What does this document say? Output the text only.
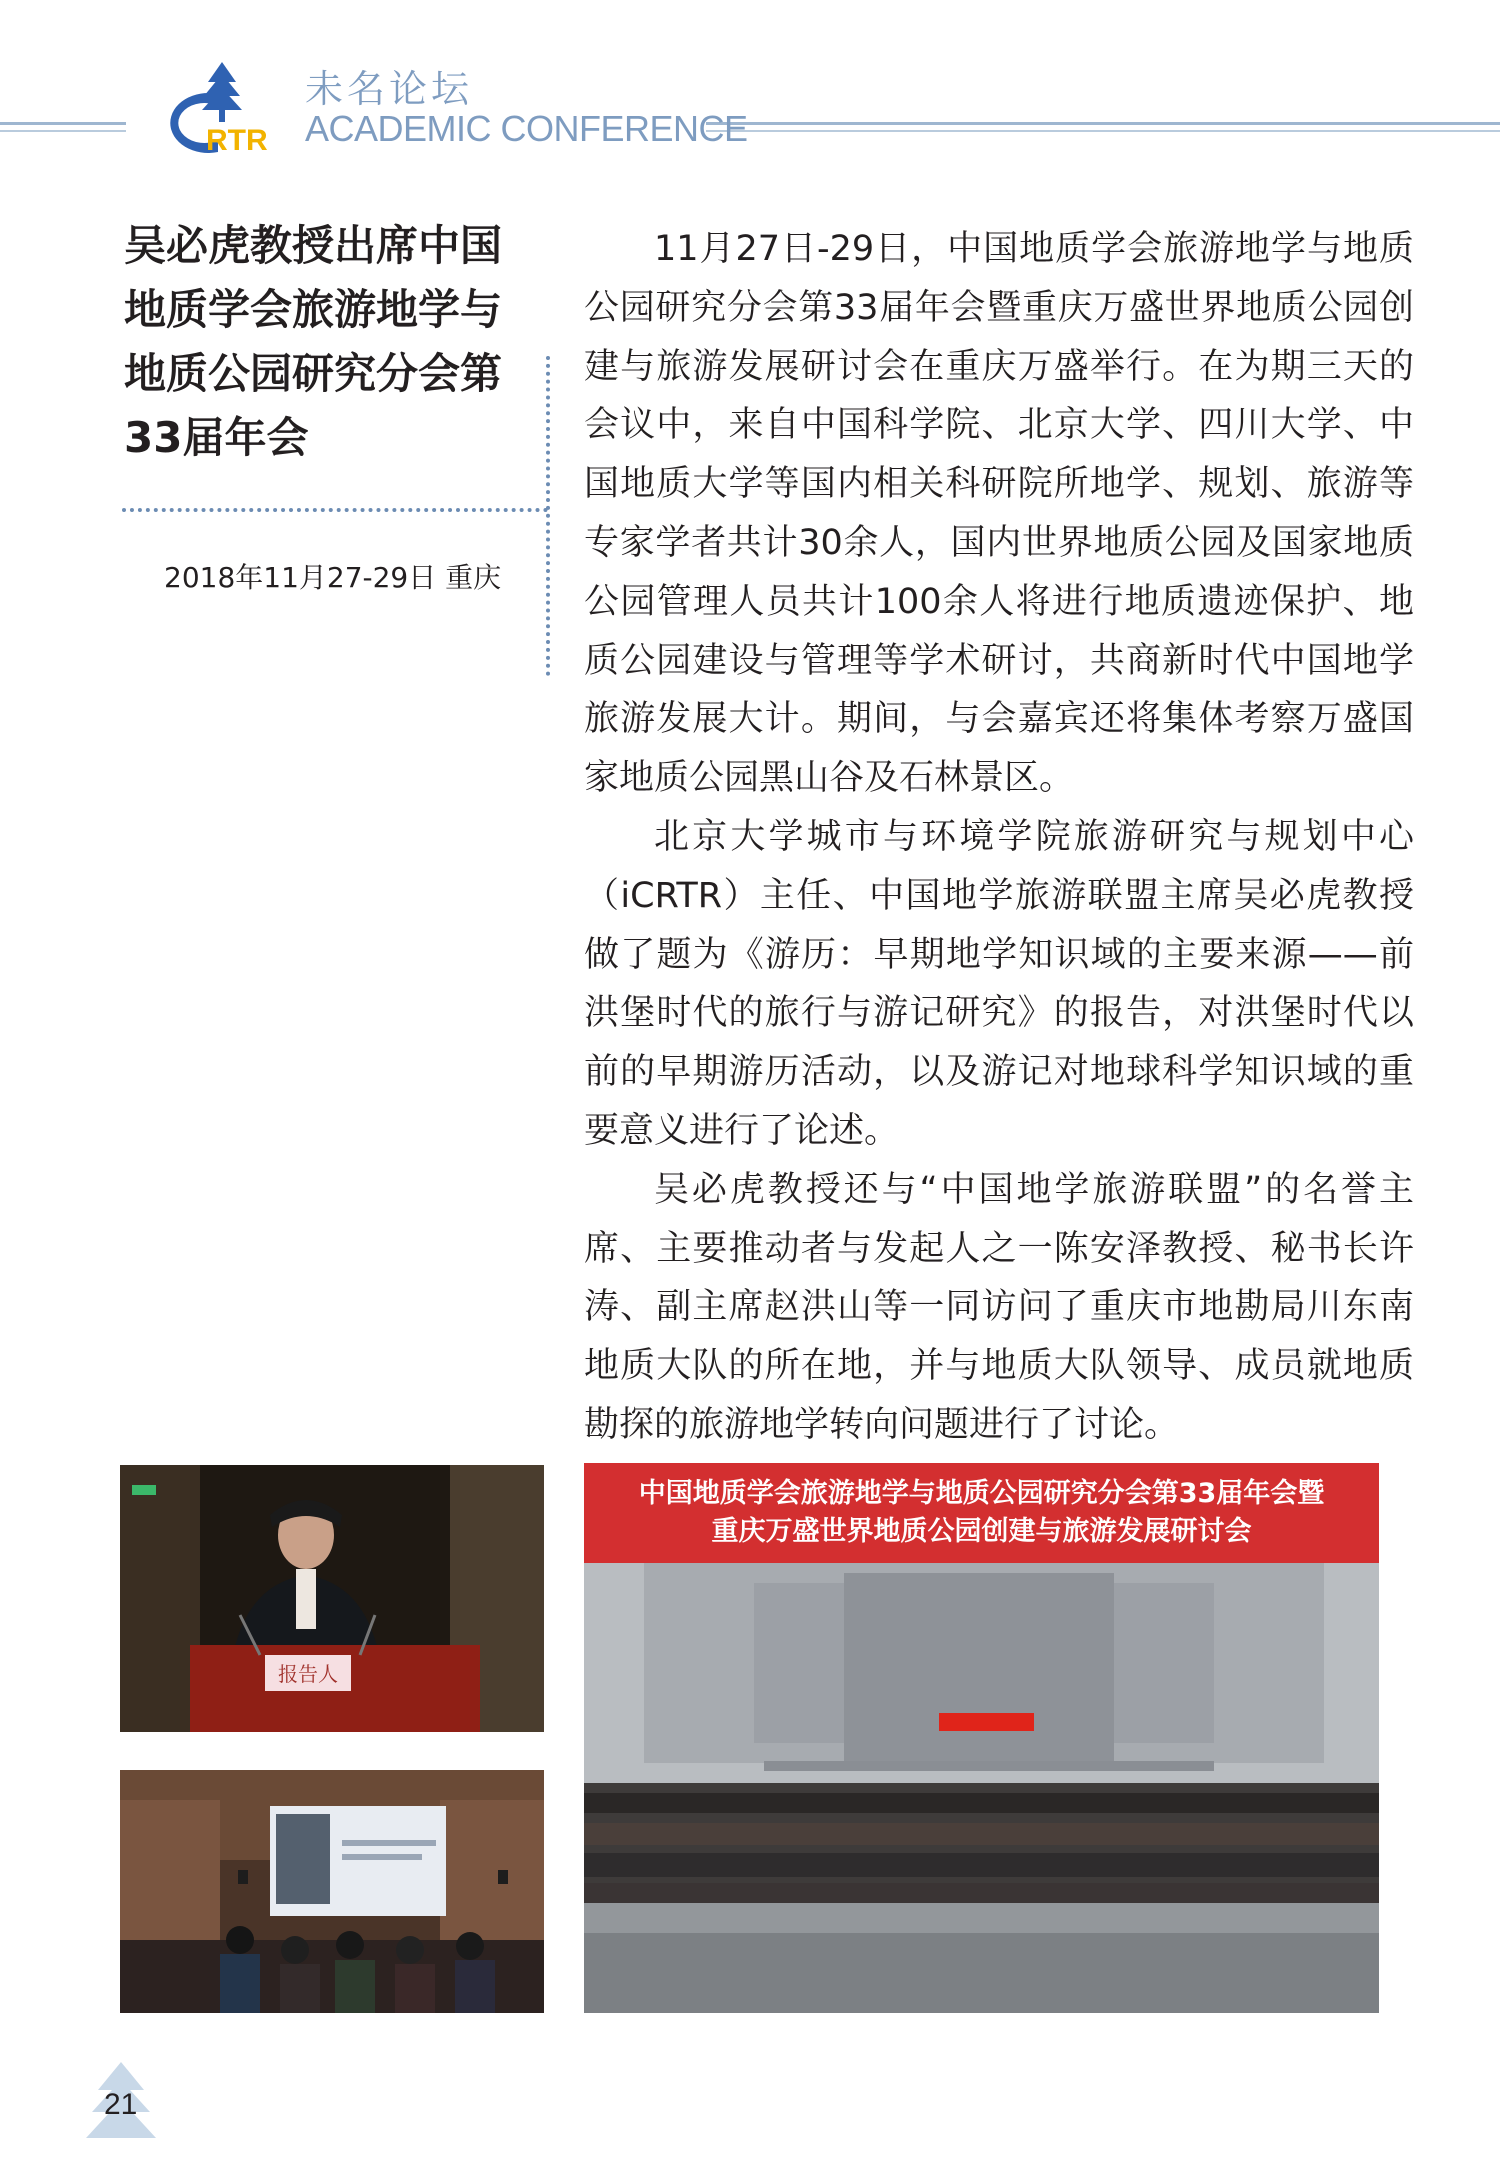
RTR
未名论坛
ACADEMIC CONFERENCE
吴必虎教授出席中国
地质学会旅游地学与
地质公园研究分会第
33届年会
2018年11月27-29日 重庆

11月27日-29日，中国地质学会旅游地学与地质公园研究分会第33届年会暨重庆万盛世界地质公园创建与旅游发展研讨会在重庆万盛举行。在为期三天的会议中，来自中国科学院、北京大学、四川大学、中国地质大学等国内相关科研院所地学、规划、旅游等专家学者共计30余人，国内世界地质公园及国家地质公园管理人员共计100余人将进行地质遗迹保护、地质公园建设与管理等学术研讨，共商新时代中国地学旅游发展大计。期间，与会嘉宾还将集体考察万盛国家地质公园黑山谷及石林景区。

北京大学城市与环境学院旅游研究与规划中心（iCRTR）主任、中国地学旅游联盟主席吴必虎教授做了题为《游历：早期地学知识域的主要来源——前洪堡时代的旅行与游记研究》的报告，对洪堡时代以前的早期游历活动，以及游记对地球科学知识域的重要意义进行了论述。

吴必虎教授还与“中国地学旅游联盟”的名誉主席、主要推动者与发起人之一陈安泽教授、秘书长许涛、副主席赵洪山等一同访问了重庆市地勘局川东南地质大队的所在地，并与地质大队领导、成员就地质勘探的旅游地学转向问题进行了讨论。

报告人
中国地质学会旅游地学与地质公园研究分会第33届年会暨
重庆万盛世界地质公园创建与旅游发展研讨会
21
